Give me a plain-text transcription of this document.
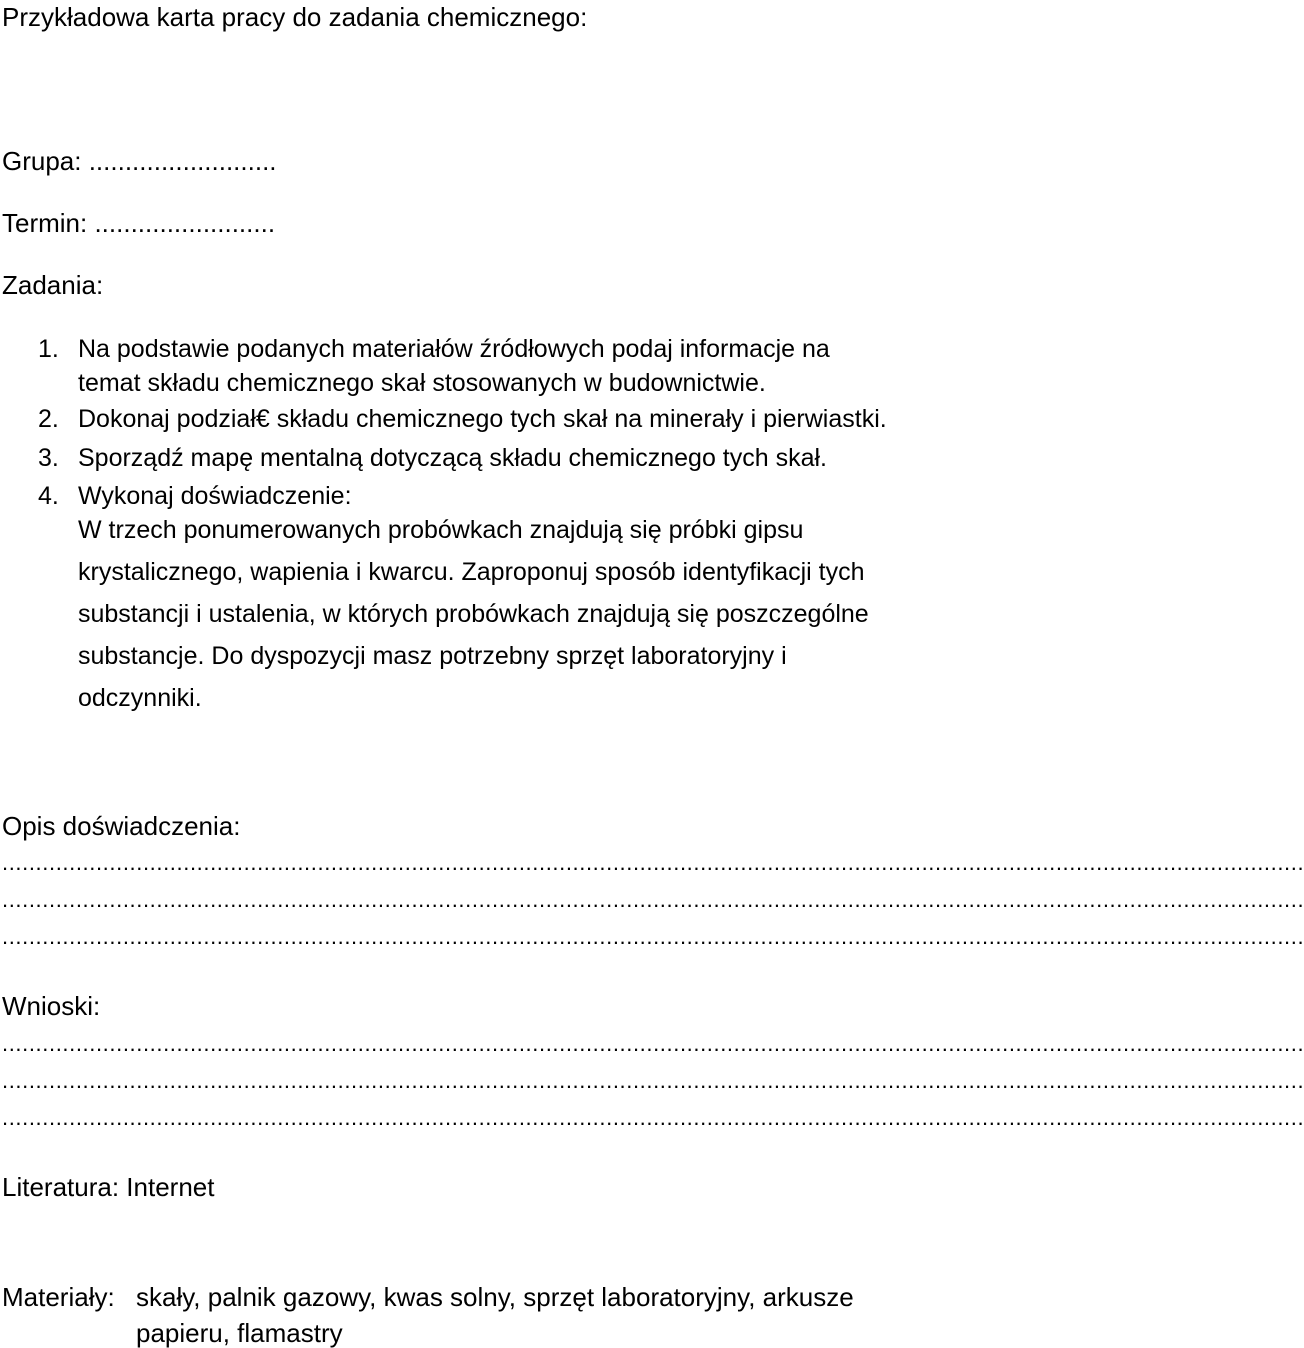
Przykładowa karta pracy do zadania chemicznego:
Grupa: ..........................
Termin: .........................
Zadania:
1. Na podstawie podanych materiałów źródłowych podaj informacje na
temat składu chemicznego skał stosowanych w budownictwie.
2. Dokonaj podział€ składu chemicznego tych skał na minerały i pierwiastki.
3. Sporządź mapę mentalną dotyczącą składu chemicznego tych skał.
4. Wykonaj doświadczenie:
W trzech ponumerowanych probówkach znajdują się próbki gipsu
krystalicznego, wapienia i kwarcu. Zaproponuj sposób identyfikacji tych
substancji i ustalenia, w których probówkach znajdują się poszczególne
substancje. Do dyspozycji masz potrzebny sprzęt laboratoryjny i
odczynniki.
Opis doświadczenia:
..................................................................................................................................................................................................
..................................................................................................................................................................................................
..................................................................................................................................................................................................
Wnioski:
..................................................................................................................................................................................................
..................................................................................................................................................................................................
..................................................................................................................................................................................................
Literatura: Internet
Materiały: skały, palnik gazowy, kwas solny, sprzęt laboratoryjny, arkusze
papieru, flamastry
